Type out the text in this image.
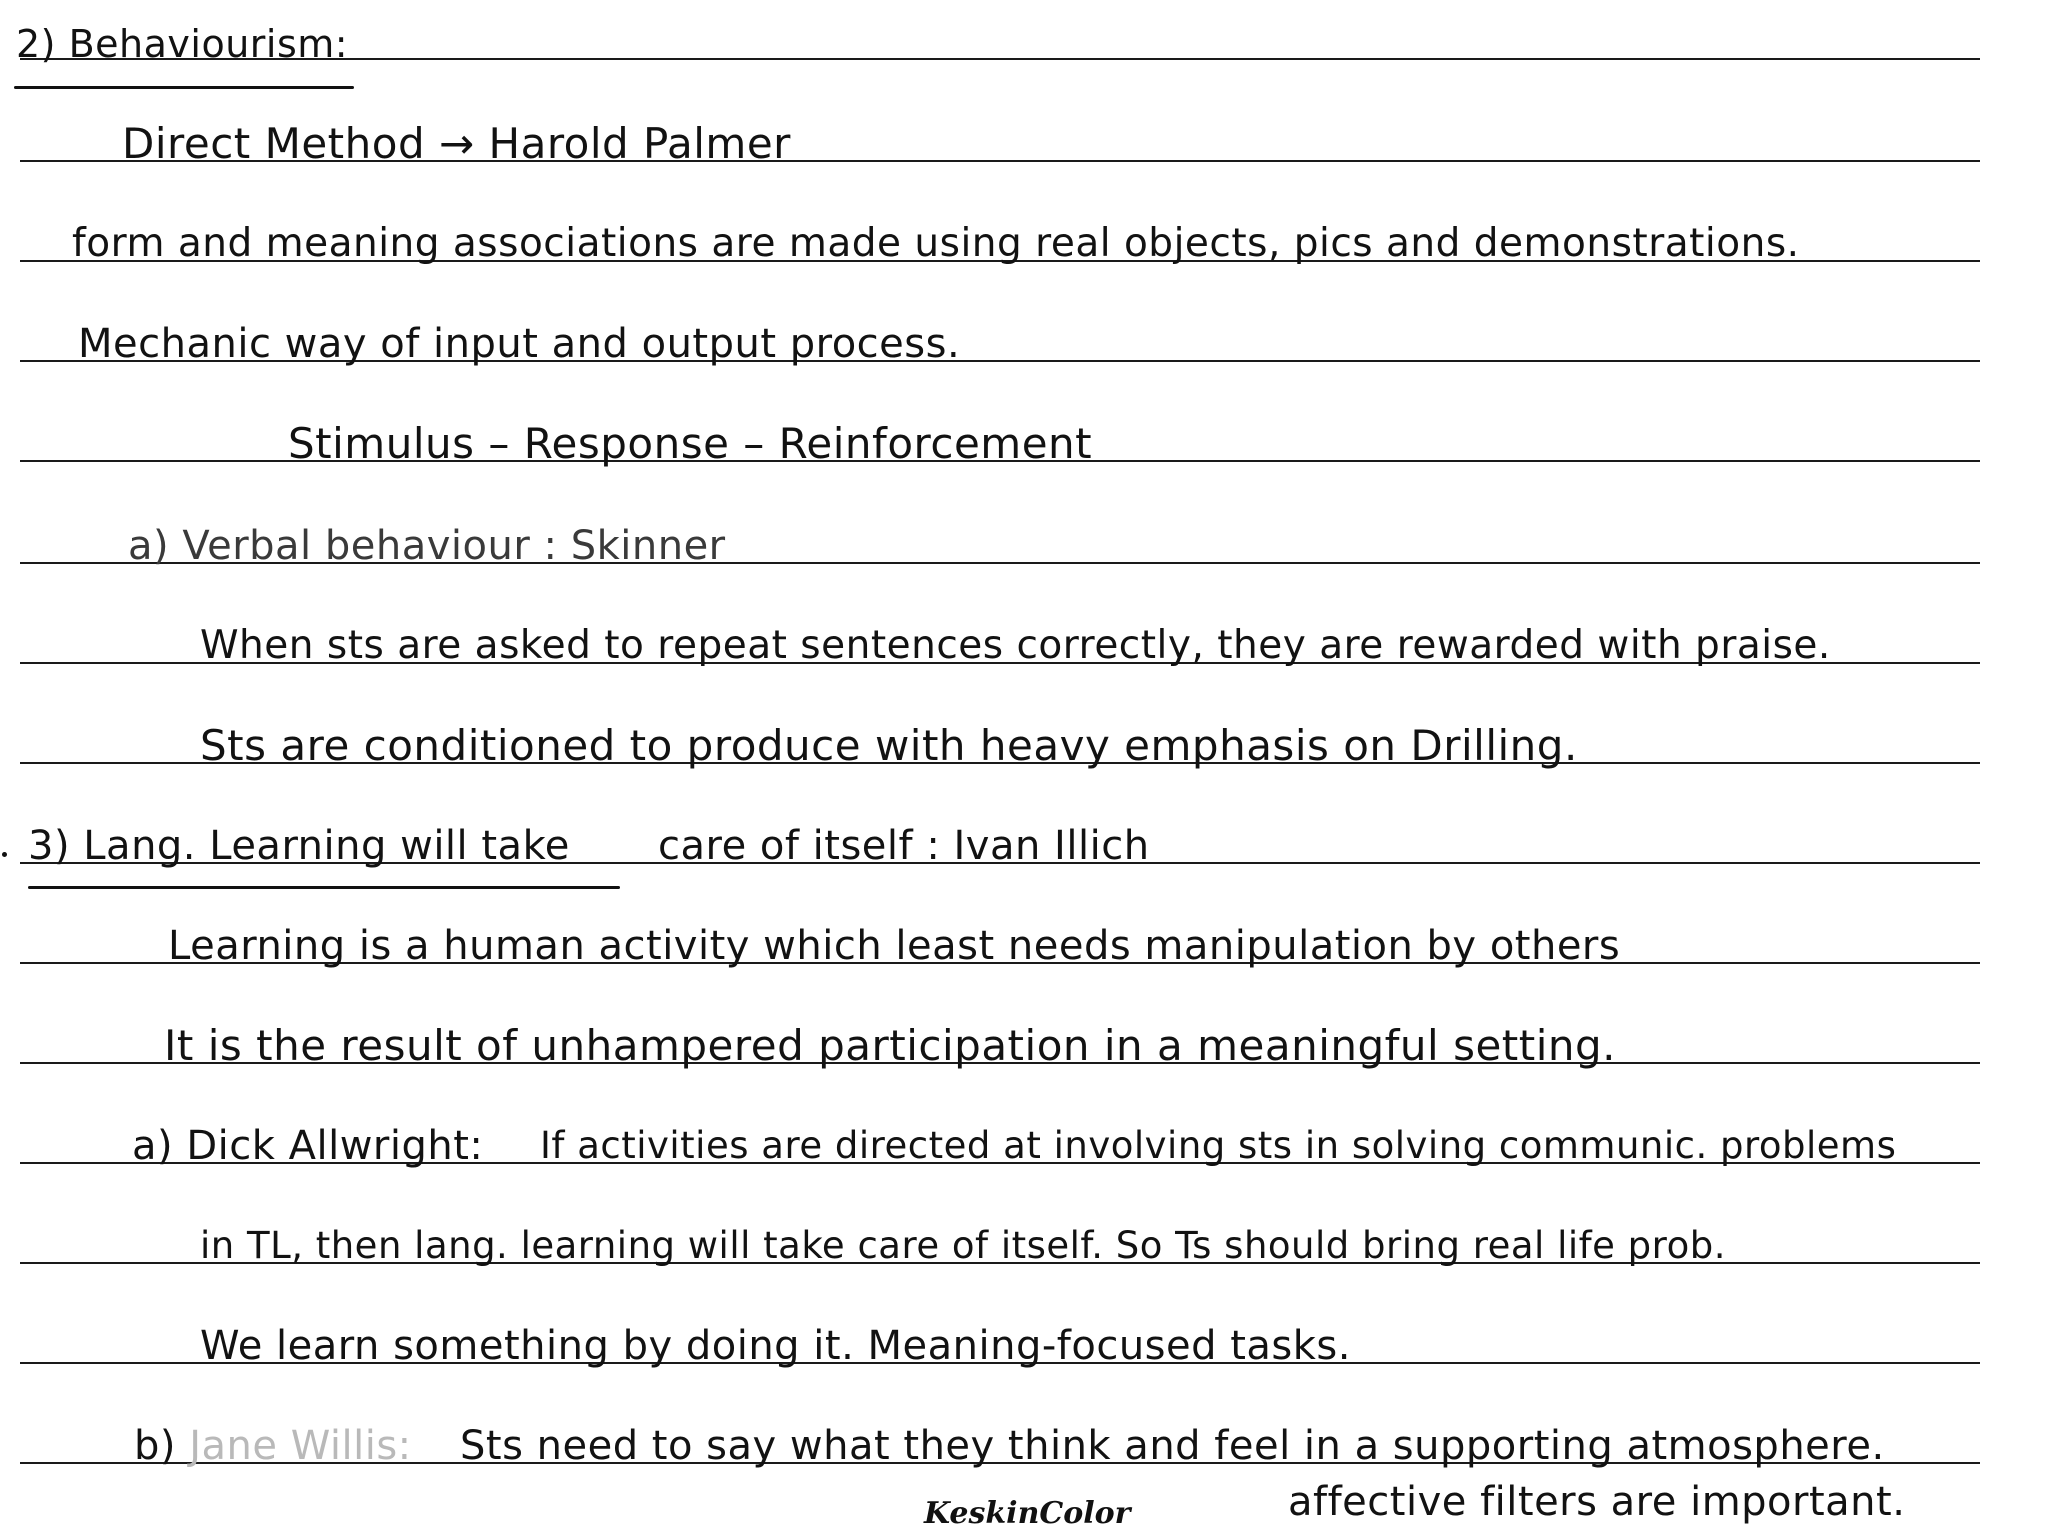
2) Behaviourism:
Direct Method → Harold Palmer
form and meaning associations are made using real objects, pics and demonstrations.
Mechanic way of input and output process.
Stimulus – Response – Reinforcement
a) Verbal behaviour : Skinner
When sts are asked to repeat sentences correctly, they are rewarded with praise.
Sts are conditioned to produce with heavy emphasis on Drilling.
3) Lang. Learning will take care of itself : Ivan Illich
Learning is a human activity which least needs manipulation by others
It is the result of unhampered participation in a meaningful setting.
a) Dick Allwright: If activities are directed at involving sts in solving communic. problems
in TL, then lang. learning will take care of itself. So Ts should bring real life prob.
We learn something by doing it. Meaning-focused tasks.
b) Jane Willis: Sts need to say what they think and feel in a supporting atmosphere.
affective filters are important.
KeskinColor
